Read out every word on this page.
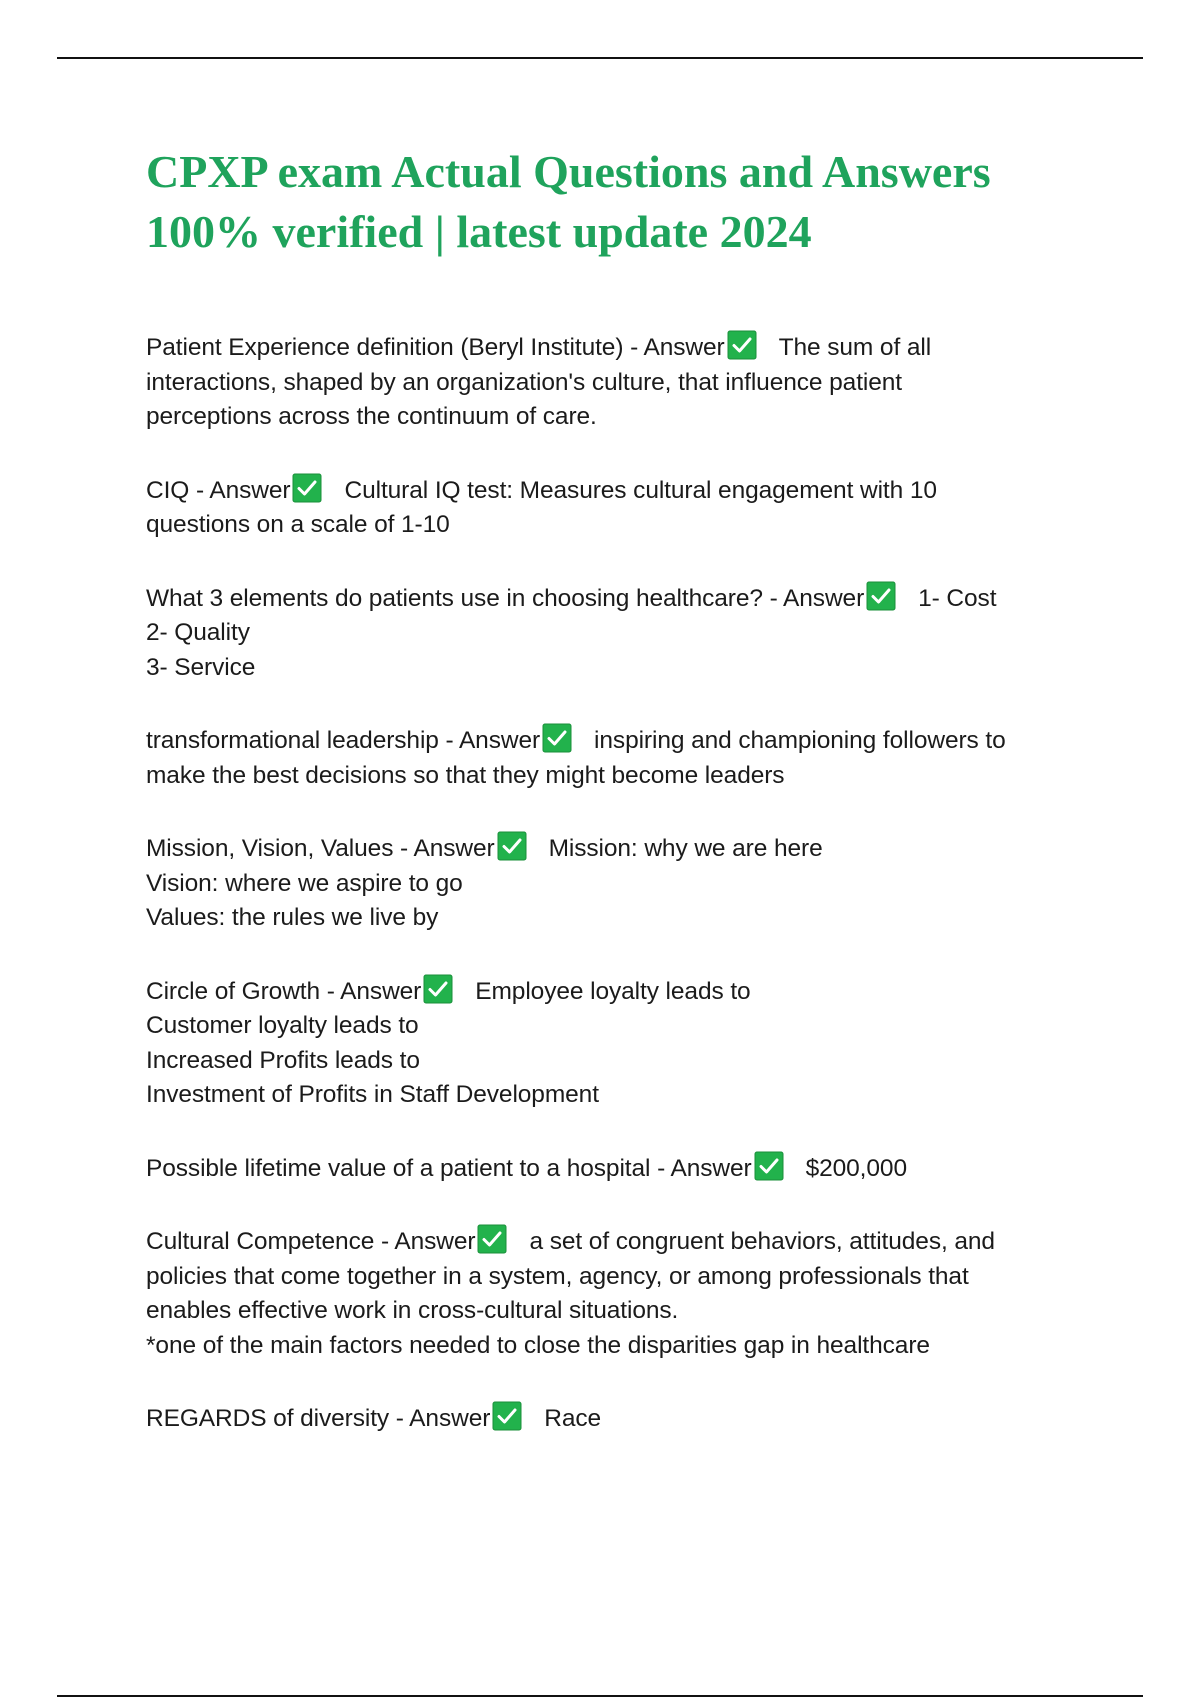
CPXP exam Actual Questions and Answers
100% verified | latest update 2024
Patient Experience definition (Beryl Institute) - Answer The sum of all
interactions, shaped by an organization's culture, that influence patient
perceptions across the continuum of care.
CIQ - Answer Cultural IQ test: Measures cultural engagement with 10
questions on a scale of 1-10
What 3 elements do patients use in choosing healthcare? - Answer 1- Cost
2- Quality
3- Service
transformational leadership - Answer inspiring and championing followers to
make the best decisions so that they might become leaders
Mission, Vision, Values - Answer Mission: why we are here
Vision: where we aspire to go
Values: the rules we live by
Circle of Growth - Answer Employee loyalty leads to
Customer loyalty leads to
Increased Profits leads to
Investment of Profits in Staff Development
Possible lifetime value of a patient to a hospital - Answer $200,000
Cultural Competence - Answer a set of congruent behaviors, attitudes, and
policies that come together in a system, agency, or among professionals that
enables effective work in cross-cultural situations.
*one of the main factors needed to close the disparities gap in healthcare
REGARDS of diversity - Answer Race
